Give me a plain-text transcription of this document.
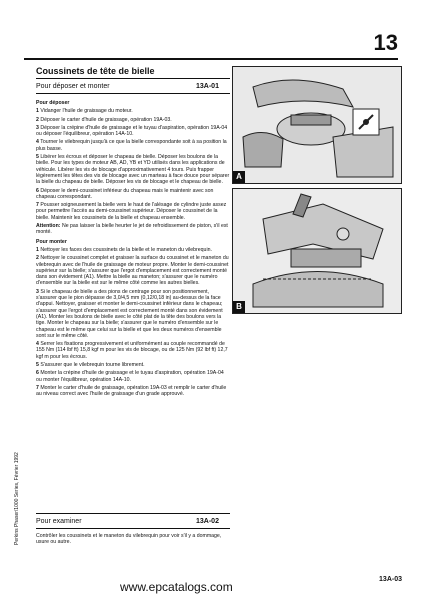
13
Coussinets de tête de bielle
Pour déposer et monter	13A-01
Pour déposer

1 Vidanger l'huile de graissage du moteur.

2 Déposer le carter d'huile de graissage, opération 19A-03.

3 Déposer la crépine d'huile de graissage et le tuyau d'aspiration, opération 19A-04 ou déposer l'équilibreur, opération 14A-10.

4 Tourner le vilebrequin jusqu'à ce que la bielle correspondante soit à sa position la plus basse.

5 Libérer les écrous et déposer le chapeau de bielle. Déposer les boulons de la bielle. Pour les types de moteur AB, AD, YB et YD utilisés dans les applications de véhicule. Libérer les vis de blocage d'approximativement 4 tours. Puis frapper légèrement les têtes des vis de blocage avec un marteau à face douce pour séparer la bielle du chapeau de bielle. Déposer les vis de blocage et le chapeau de bielle.

6 Déposer le demi-coussinet inférieur du chapeau mais le maintenir avec son chapeau correspondant.

7 Pousser soigneusement la bielle vers le haut de l'alésage de cylindre juste assez pour permettre l'accès au demi-coussinet supérieur. Déposer le coussinet de la bielle. Maintenir les coussinets de la bielle et chapeau ensemble.

Attention: Ne pas laisser la bielle heurter le jet de refroidissement de piston, s'il est monté.

Pour monter

1 Nettoyer les faces des coussinets de la bielle et le maneton du vilebrequin.

2 Nettoyer le coussinet complet et graisser la surface du coussinet et le maneton du vilebrequin avec de l'huile de graissage de moteur propre. Monter le demi-coussinet supérieur sur la bielle; s'assurer que l'ergot d'emplacement est correctement monté dans son évidement (A1). Mettre la bielle au maneton; s'assurer que le numéro d'ensemble sur la bielle est sur le même côté comme les autres bielles.

3 Si le chapeau de bielle a des pions de centrage pour son positionnement, s'assurer que le pion dépasse de 3,0/4,5 mm (0,12/0,18 in) au-dessus de la face d'appui. Nettoyer, graisser et monter le demi-coussinet inférieur dans le chapeau; s'assurer que l'ergot d'emplacement est correctement monté dans son évidement (A1). Monter les boulons de bielle avec le côté plat de la tête des boulons vers la tige. Monter le chapeau sur la bielle; s'assurer que le numéro d'ensemble sur le chapeau est le même que celui sur la bielle et que les deux numéros d'ensemble sont sur le même côté.

4 Serrer les fixations progressivement et uniformément au couple recommandé de 155 Nm (114 lbf ft) 15,8 kgf m pour les vis de blocage, ou de 125 Nm (92 lbf ft) 12,7 kgf m pour les écrous.

5 S'assurer que le vilebrequin tourne librement.

6 Monter la crépine d'huile de graissage et le tuyau d'aspiration, opération 19A-04 ou monter l'équilibreur, opération 14A-10.

7 Monter le carter d'huile de graissage, opération 19A-03 et remplir le carter d'huile au niveau correct avec l'huile de graissage d'un grade approuvé.

Pour examiner	13A-02
Contrôler les coussinets et le maneton du vilebrequin pour voir s'il y a dommage, usure ou autre.
A
B
Perkins Phaser/1000 Series, Février 1992
www.epcatalogs.com
13A-03
